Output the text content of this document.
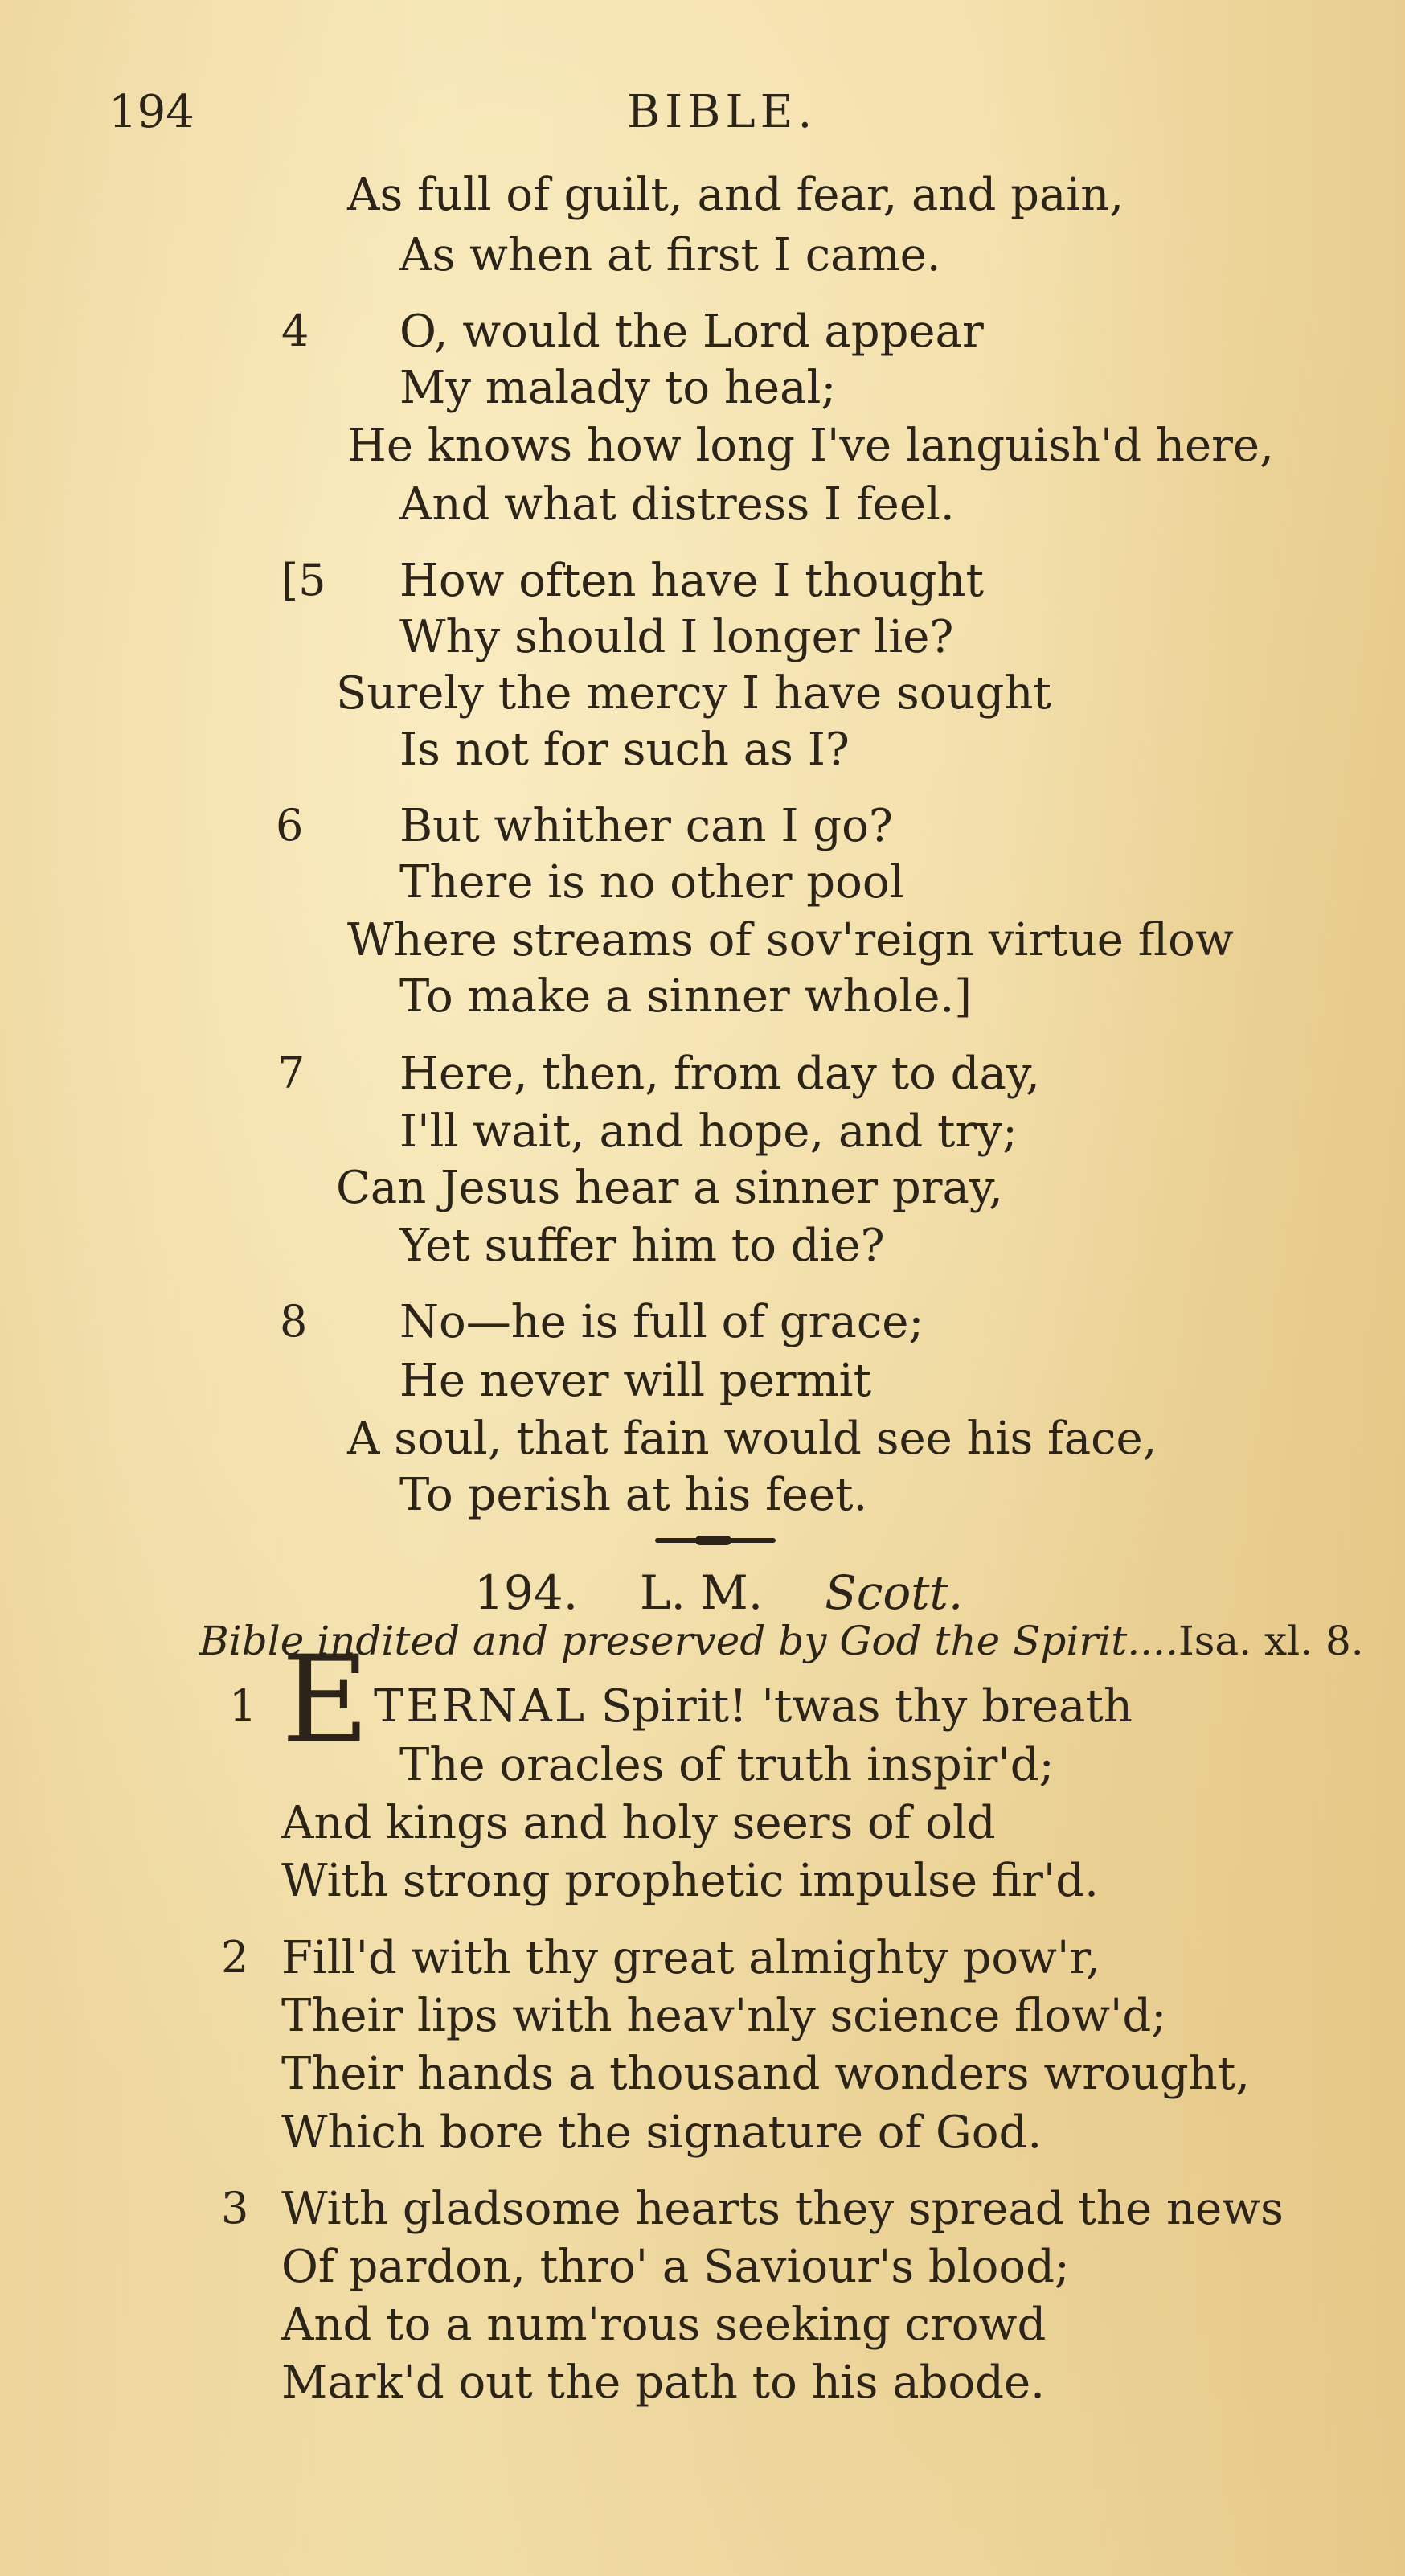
194	BIBLE.
As full of guilt, and fear, and pain,
As when at first I came.
4 O, would the Lord appear
My malady to heal;
He knows how long I've languish'd here,
And what distress I feel.
[5 How often have I thought
Why should I longer lie?
Surely the mercy I have sought
Is not for such as I?
6 But whither can I go?
There is no other pool
Where streams of sov'reign virtue flow
To make a sinner whole.]
7 Here, then, from day to day,
I'll wait, and hope, and try;
Can Jesus hear a sinner pray,
Yet suffer him to die?
8 No—he is full of grace;
He never will permit
A soul, that fain would see his face,
To perish at his feet.
194. L. M. Scott.
Bible indited and preserved by God the Spirit....Isa. xl. 8.
1 E TERNAL Spirit! 'twas thy breath
The oracles of truth inspir'd;
And kings and holy seers of old
With strong prophetic impulse fir'd.
2 Fill'd with thy great almighty pow'r,
Their lips with heav'nly science flow'd;
Their hands a thousand wonders wrought,
Which bore the signature of God.
3 With gladsome hearts they spread the news
Of pardon, thro' a Saviour's blood;
And to a num'rous seeking crowd
Mark'd out the path to his abode.
